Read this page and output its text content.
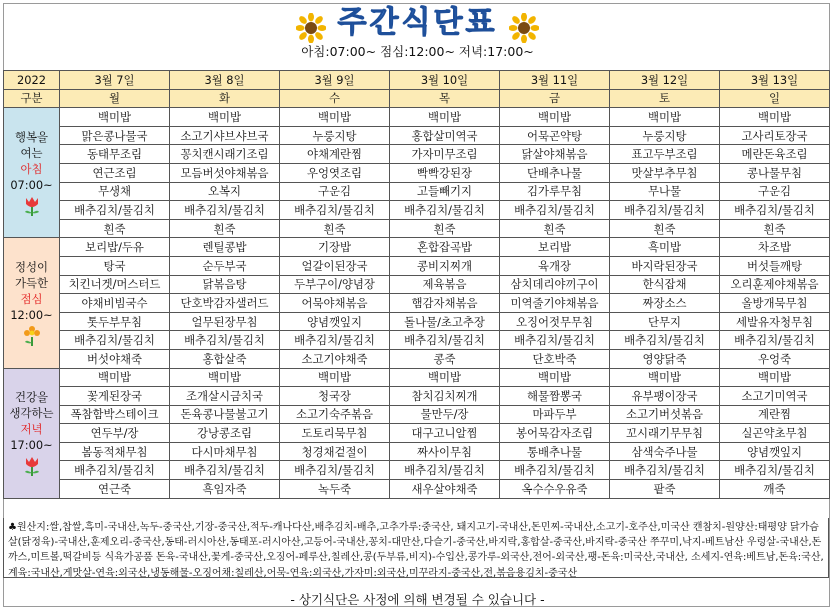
주간식단표
아침:07:00~ 점심:12:00~ 저녁:17:00~
2022	3월 7일	3월 8일	3월 9일	3월 10일	3월 11일	3월 12일	3월 13일
구분	월	화	수	목	금	토	일
행복을
여는
아침
07:00~	백미밥	백미밥	백미밥	백미밥	백미밥	백미밥	백미밥
	맑은콩나물국	소고기샤브샤브국	누룽지탕	홍합살미역국	어묵곤약탕	누룽지탕	고사리토장국
	동태무조림	꽁치캔시래기조림	야채계란찜	가자미무조림	닭살야채볶음	표고두부조림	메란돈육조림
	연근조림	모듬버섯야채볶음	우엉엿조림	빡빡강된장	단배추나물	맛살부추무침	콩나물무침
	무생채	오복지	구운김	고들빼기지	김가루무침	무나물	구운김
	배추김치/물김치	배추김치/물김치	배추김치/물김치	배추김치/물김치	배추김치/물김치	배추김치/물김치	배추김치/물김치
	흰죽	흰죽	흰죽	흰죽	흰죽	흰죽	흰죽
정성이
가득한
점심
12:00~	보리밥/두유	렌틸콩밥	기장밥	혼합잡곡밥	보리밥	흑미밥	차조밥
	탕국	순두부국	얼갈이된장국	콩비지찌개	육개장	바지락된장국	버섯들깨탕
	치킨너겟/머스터드	닭볶음탕	두부구이/양념장	제육볶음	삼치데리야끼구이	한식잡채	오리훈제야채볶음
	야채비빔국수	단호박감자샐러드	어묵야채볶음	햄감자채볶음	미역줄기야채볶음	짜장소스	올방개묵무침
	톳두부무침	얼무된장무침	양념깻잎지	돌나물/초고추장	오징어젓무무침	단무지	세발유자청무침
	배추김치/물김치	배추김치/물김치	배추김치/물김치	배추김치/물김치	배추김치/물김치	배추김치/물김치	배추김치/물김치
	버섯야채죽	홍합살죽	소고기야채죽	콩죽	단호박죽	영양닭죽	우엉죽
건강을
생각하는
저녁
17:00~	백미밥	백미밥	백미밥	백미밥	백미밥	백미밥	백미밥
	꽃게된장국	조개살시금치국	청국장	참치김치찌개	해물짬뽕국	유부팽이장국	소고기미역국
	폭참함박스테이크	돈육콩나물불고기	소고기숙주볶음	물만두/장	마파두부	소고기버섯볶음	계란찜
	연두부/장	강낭콩조림	도토리묵무침	대구고니알찜	봉어묵감자조림	꼬시래기무무침	실곤약초무침
	봄동적채무침	다시마채무침	청경채겉절이	짜사이무침	통배추나물	삼색숙주나물	양념깻잎지
	배추김치/물김치	배추김치/물김치	배추김치/물김치	배추김치/물김치	배추김치/물김치	배추김치/물김치	배추김치/물김치
	연근죽	흑임자죽	녹두죽	새우살야채죽	옥수수우유죽	팥죽	깨죽
♣원산지:쌀,찹쌀,흑미-국내산,녹두-중국산,기장-중국산,적두-캐나다산,배추김치-배추,고추가루:중국산, 돼지고기-국내산,돈민찌-국내산,소고기-호주산,미국산 캔참치-원양산:태평양 닭가슴살(닭정육)-국내산,훈제오리-중국산,동태-러시아산,동태포-러시아산,고등어-국내산,꽁치-대만산,다슬기-중국산,바지락,홍합살-중국산,바지락-중국산 쭈꾸미,낙지-베트남산 우렁살-국내산,돈까스,미트볼,떡갈비등 식육가공품 돈육-국내산,꽃게-중국산,오징어-페루산,칠레산,콩(두부류,비지)-수입산,콩가루-외국산,전어-외국산,팽-돈육:미국산,국내산, 소세지-연육:베트남,돈육:국산,계육:국내산,게맛살-연육:외국산,냉동해물-오징어채:칠레산,어묵-연육:외국산,가자미:외국산,미꾸라지-중국산,전,볶음용김치-중국산
- 상기식단은 사정에 의해 변경될 수 있습니다 -
